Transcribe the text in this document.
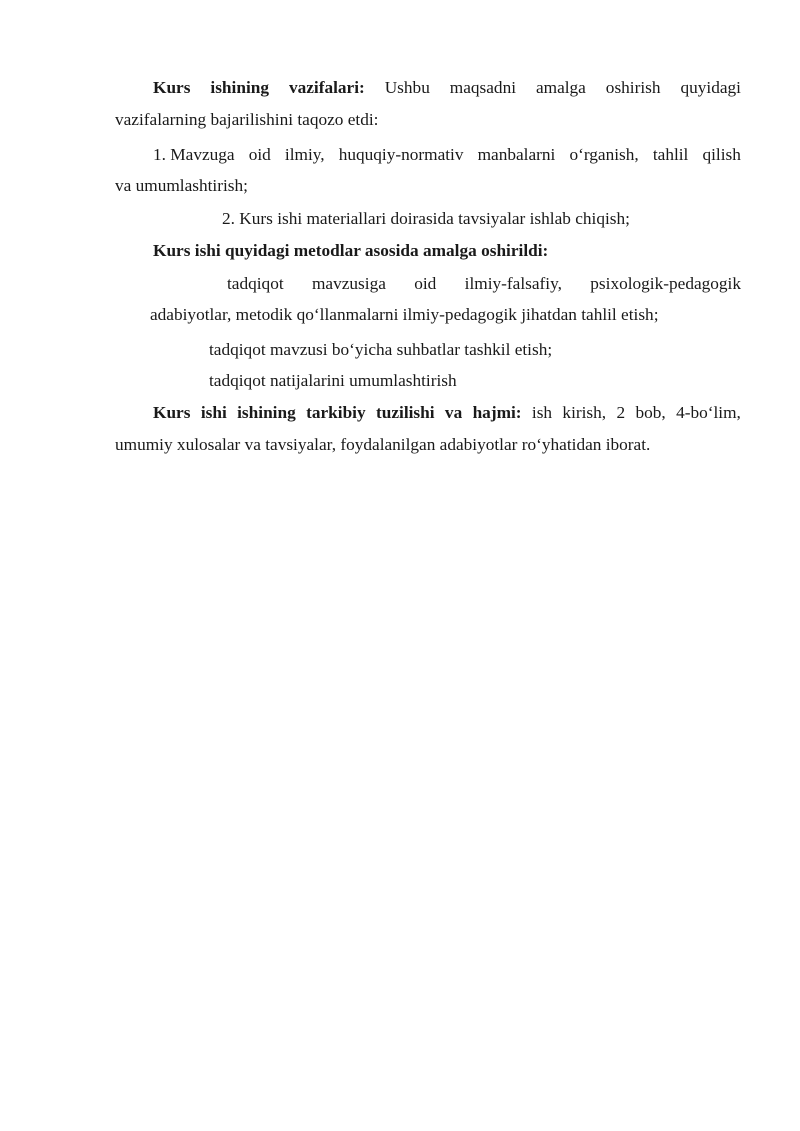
Kurs ishining vazifalari: Ushbu maqsadni amalga oshirish quyidagi
vazifalarning bajarilishini taqozo etdi:
1. Mavzuga oid ilmiy, huquqiy-normativ manbalarni o‘rganish, tahlil qilish
va umumlashtirish;
2. Kurs ishi materiallari doirasida tavsiyalar ishlab chiqish;
Kurs ishi quyidagi metodlar asosida amalga oshirildi:
tadqiqot mavzusiga oid ilmiy-falsafiy, psixologik-pedagogik
adabiyotlar, metodik qo‘llanmalarni ilmiy-pedagogik jihatdan tahlil etish;
tadqiqot mavzusi bo‘yicha suhbatlar tashkil etish;
tadqiqot natijalarini umumlashtirish
Kurs ishi ishining tarkibiy tuzilishi va hajmi: ish kirish, 2 bob, 4-bo‘lim,
umumiy xulosalar va tavsiyalar, foydalanilgan adabiyotlar ro‘yhatidan iborat.
